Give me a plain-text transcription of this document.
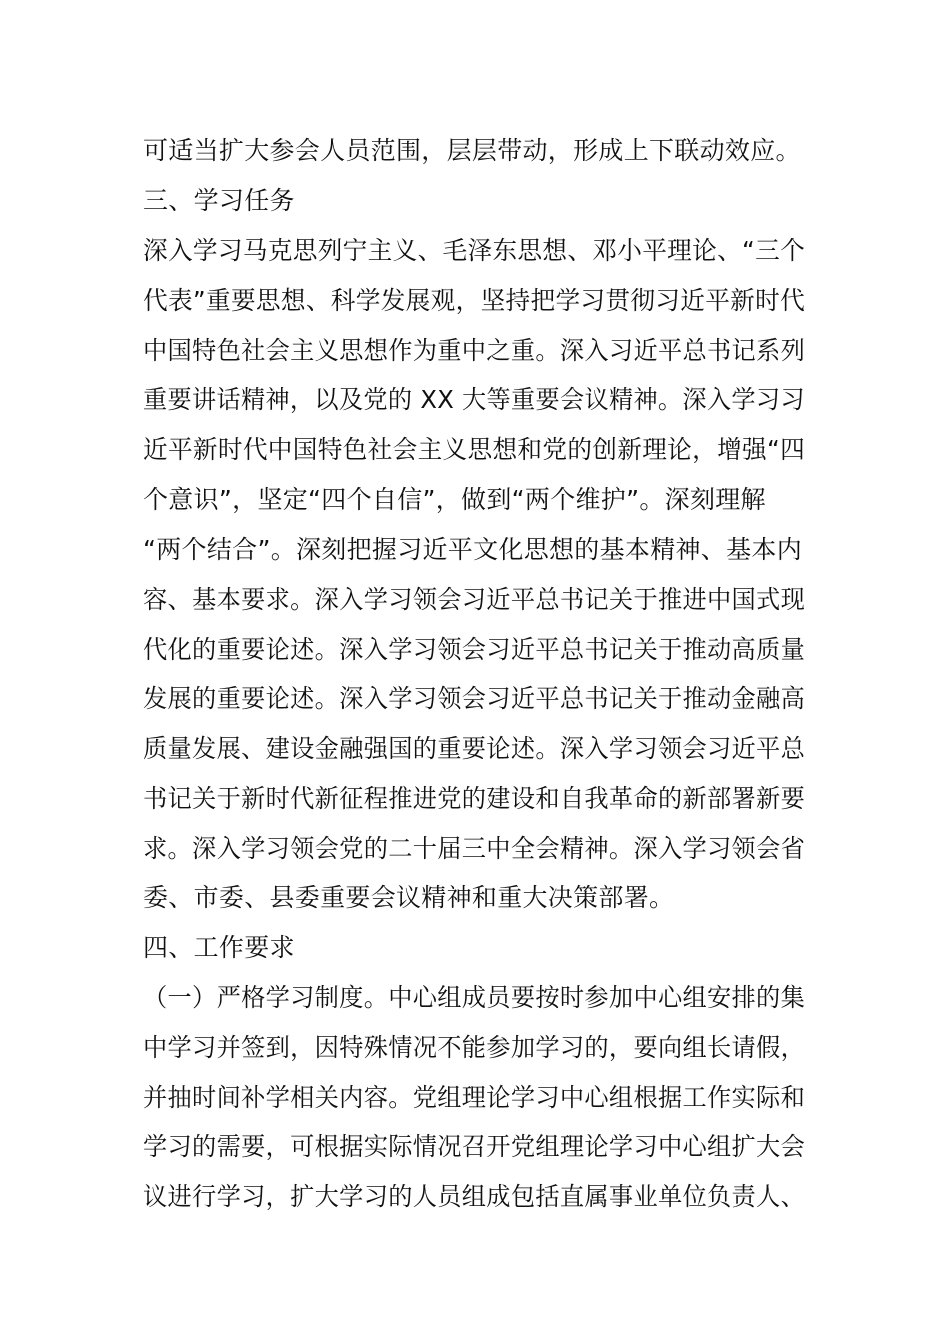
可适当扩大参会人员范围，层层带动，形成上下联动效应。
三、学习任务
深入学习马克思列宁主义、毛泽东思想、邓小平理论、“三个
代表”重要思想、科学发展观，坚持把学习贯彻习近平新时代
中国特色社会主义思想作为重中之重。深入习近平总书记系列
重要讲话精神，以及党的 XX 大等重要会议精神。深入学习习
近平新时代中国特色社会主义思想和党的创新理论，增强“四
个意识”，坚定“四个自信”，做到“两个维护”。深刻理解
“两个结合”。深刻把握习近平文化思想的基本精神、基本内
容、基本要求。深入学习领会习近平总书记关于推进中国式现
代化的重要论述。深入学习领会习近平总书记关于推动高质量
发展的重要论述。深入学习领会习近平总书记关于推动金融高
质量发展、建设金融强国的重要论述。深入学习领会习近平总
书记关于新时代新征程推进党的建设和自我革命的新部署新要
求。深入学习领会党的二十届三中全会精神。深入学习领会省
委、市委、县委重要会议精神和重大决策部署。
四、工作要求
（一）严格学习制度。中心组成员要按时参加中心组安排的集
中学习并签到，因特殊情况不能参加学习的，要向组长请假，
并抽时间补学相关内容。党组理论学习中心组根据工作实际和
学习的需要，可根据实际情况召开党组理论学习中心组扩大会
议进行学习，扩大学习的人员组成包括直属事业单位负责人、
